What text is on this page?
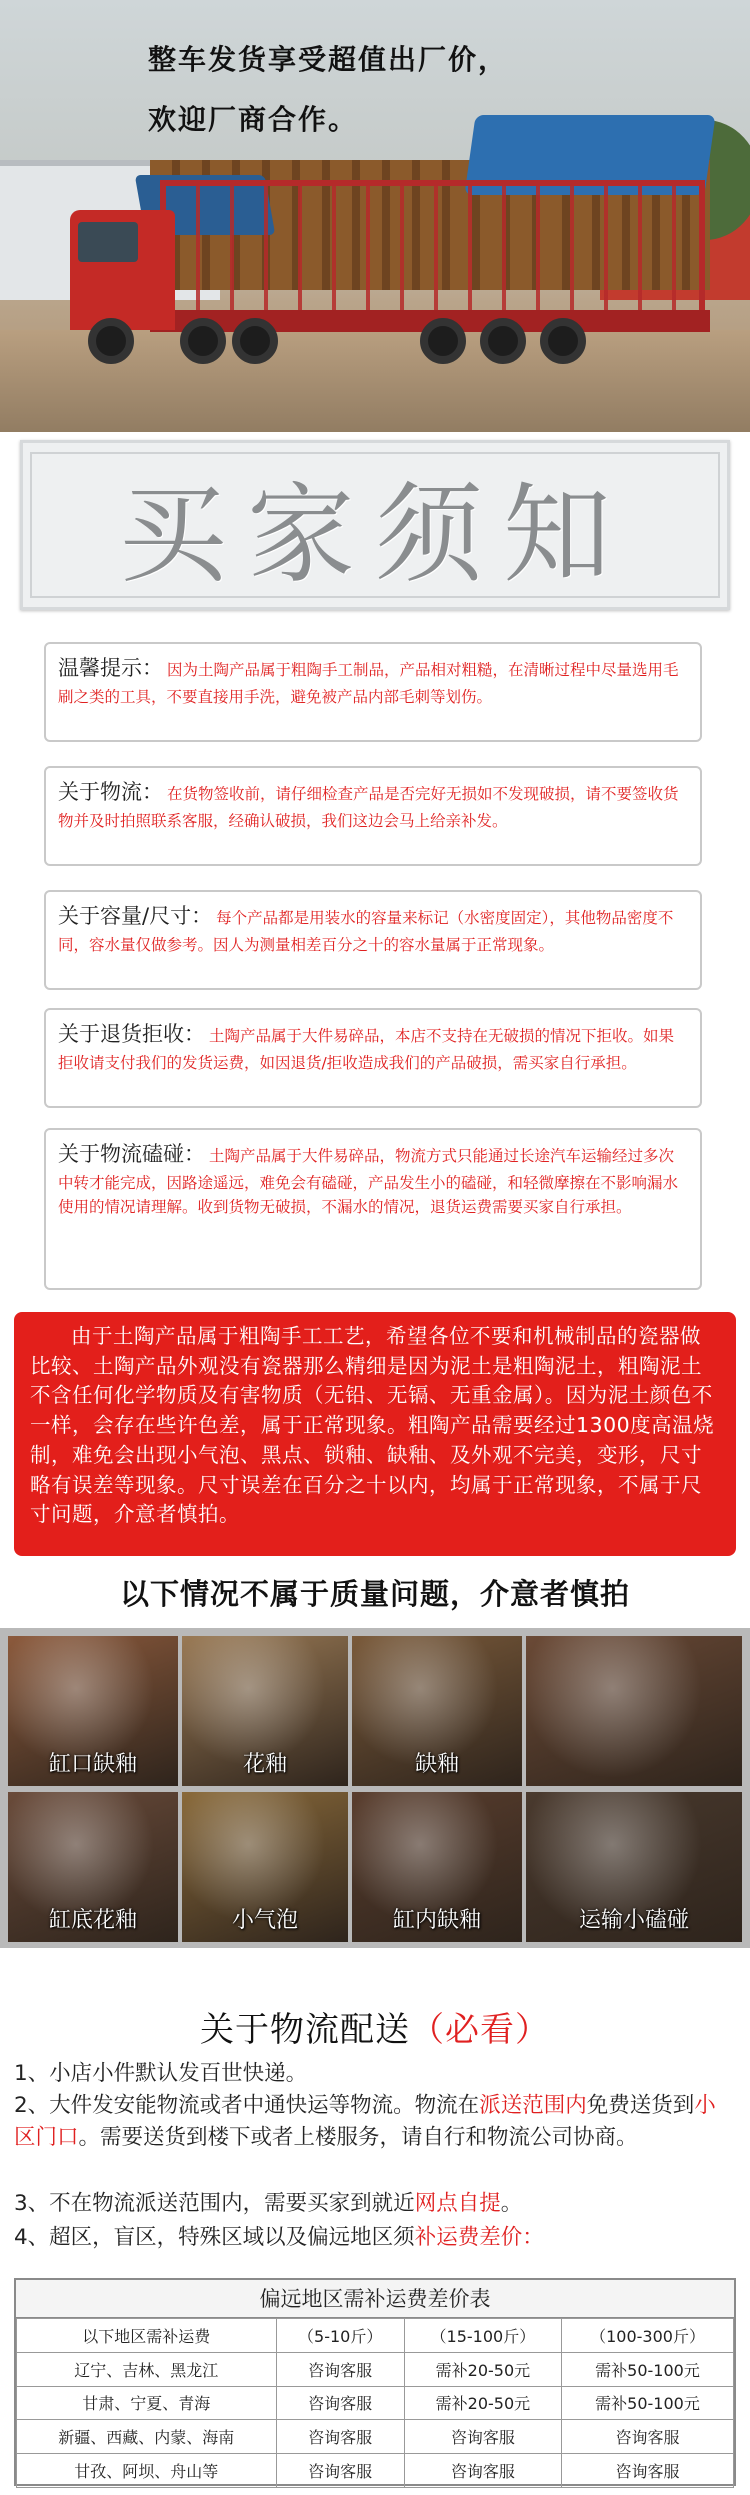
整车发货享受超值出厂价，
欢迎厂商合作。
买家须知
温馨提示： 因为土陶产品属于粗陶手工制品，产品相对粗糙，在清晰过程中尽量选用毛刷之类的工具，不要直接用手洗，避免被产品内部毛刺等划伤。
关于物流： 在货物签收前，请仔细检查产品是否完好无损如不发现破损，请不要签收货物并及时拍照联系客服，经确认破损，我们这边会马上给亲补发。
关于容量/尺寸： 每个产品都是用装水的容量来标记（水密度固定），其他物品密度不同，容水量仅做参考。因人为测量相差百分之十的容水量属于正常现象。
关于退货拒收： 土陶产品属于大件易碎品，本店不支持在无破损的情况下拒收。如果拒收请支付我们的发货运费，如因退货/拒收造成我们的产品破损，需买家自行承担。
关于物流磕碰： 土陶产品属于大件易碎品，物流方式只能通过长途汽车运输经过多次中转才能完成，因路途遥远，难免会有磕碰，产品发生小的磕碰，和轻微摩擦在不影响漏水使用的情况请理解。收到货物无破损，不漏水的情况，退货运费需要买家自行承担。
由于土陶产品属于粗陶手工工艺，希望各位不要和机械制品的瓷器做比较、土陶产品外观没有瓷器那么精细是因为泥土是粗陶泥土，粗陶泥土不含任何化学物质及有害物质（无铅、无镉、无重金属）。因为泥土颜色不一样，会存在些许色差，属于正常现象。粗陶产品需要经过1300度高温烧制，难免会出现小气泡、黑点、锁釉、缺釉、及外观不完美，变形，尺寸略有误差等现象。尺寸误差在百分之十以内，均属于正常现象，不属于尺寸问题，介意者慎拍。
以下情况不属于质量问题，介意者慎拍
缸口缺釉	花釉	缺釉
缸底花釉	小气泡	缸内缺釉	运输小磕碰
关于物流配送（必看）
1、小店小件默认发百世快递。
2、大件发安能物流或者中通快运等物流。物流在派送范围内免费送货到小区门口。需要送货到楼下或者上楼服务，请自行和物流公司协商。
3、不在物流派送范围内，需要买家到就近网点自提。
4、超区，盲区，特殊区域以及偏远地区须补运费差价：
偏远地区需补运费差价表
以下地区需补运费	（5-10斤）	（15-100斤）	（100-300斤）
辽宁、吉林、黑龙江	咨询客服	需补20-50元	需补50-100元
甘肃、宁夏、青海	咨询客服	需补20-50元	需补50-100元
新疆、西藏、内蒙、海南	咨询客服	咨询客服	咨询客服
甘孜、阿坝、舟山等	咨询客服	咨询客服	咨询客服
